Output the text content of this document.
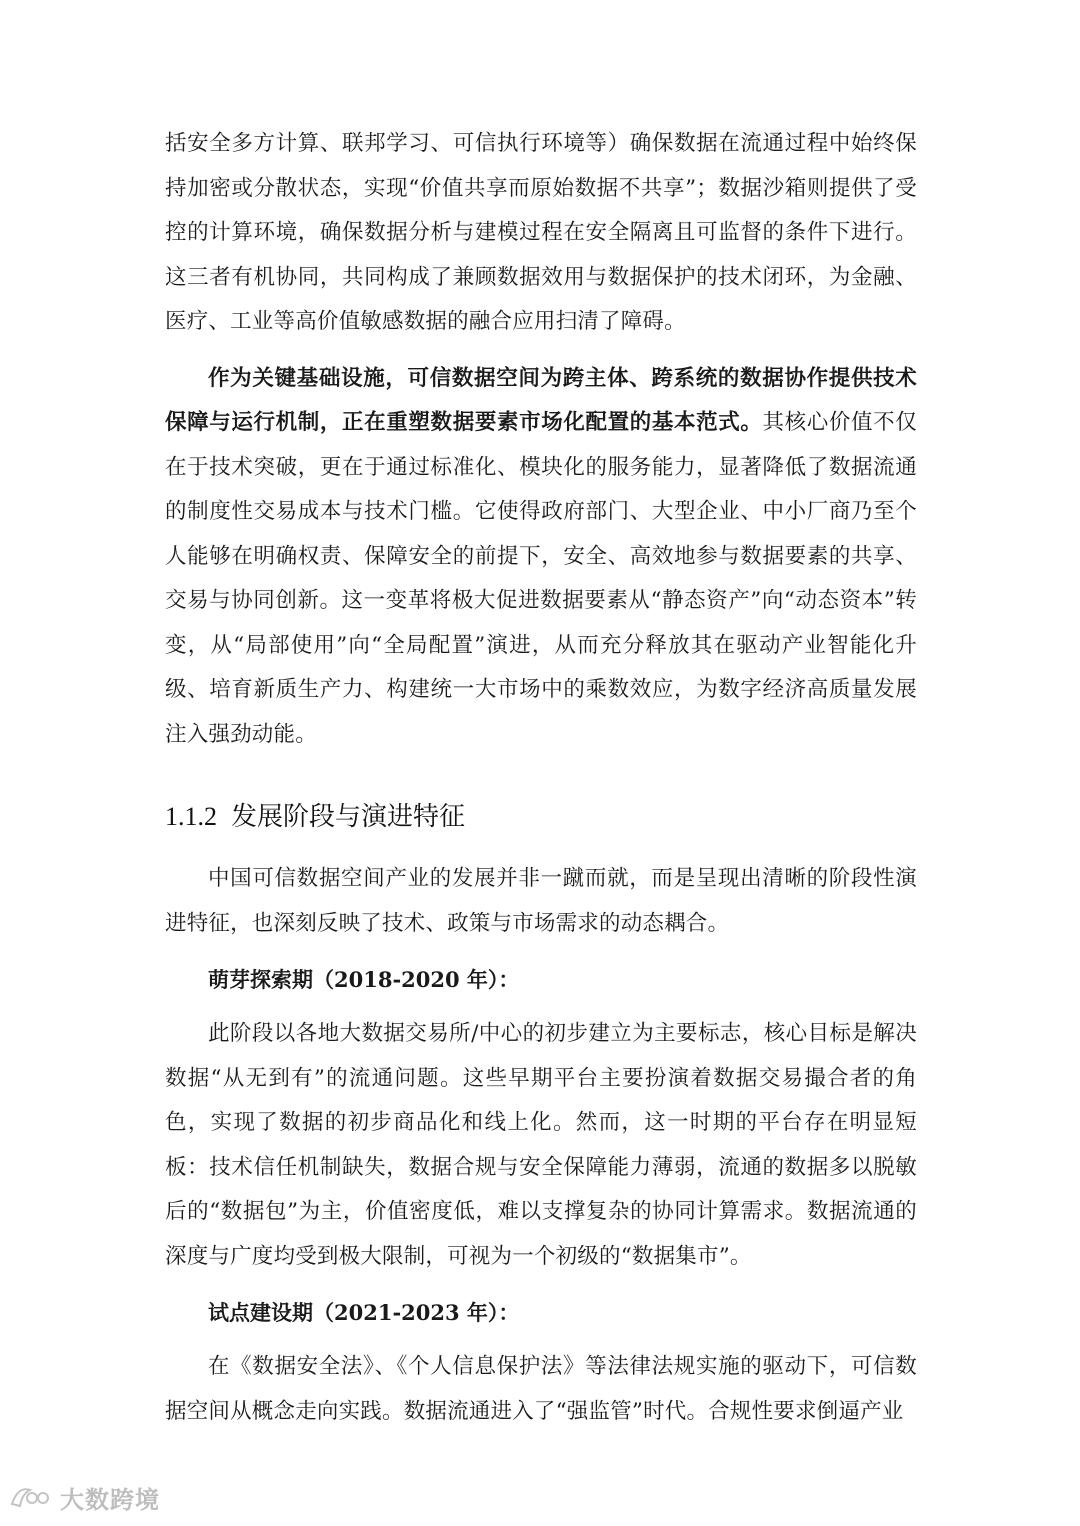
括安全多方计算、联邦学习、可信执行环境等）确保数据在流通过程中始终保持加密或分散状态，实现“价值共享而原始数据不共享”；数据沙箱则提供了受控的计算环境，确保数据分析与建模过程在安全隔离且可监督的条件下进行。这三者有机协同，共同构成了兼顾数据效用与数据保护的技术闭环，为金融、医疗、工业等高价值敏感数据的融合应用扫清了障碍。

作为关键基础设施，可信数据空间为跨主体、跨系统的数据协作提供技术保障与运行机制，正在重塑数据要素市场化配置的基本范式。其核心价值不仅在于技术突破，更在于通过标准化、模块化的服务能力，显著降低了数据流通的制度性交易成本与技术门槛。它使得政府部门、大型企业、中小厂商乃至个人能够在明确权责、保障安全的前提下，安全、高效地参与数据要素的共享、交易与协同创新。这一变革将极大促进数据要素从“静态资产”向“动态资本”转变，从“局部使用”向“全局配置”演进，从而充分释放其在驱动产业智能化升级、培育新质生产力、构建统一大市场中的乘数效应，为数字经济高质量发展注入强劲动能。

1.1.2 发展阶段与演进特征

中国可信数据空间产业的发展并非一蹴而就，而是呈现出清晰的阶段性演进特征，也深刻反映了技术、政策与市场需求的动态耦合。

萌芽探索期（2018-2020 年）：

此阶段以各地大数据交易所/中心的初步建立为主要标志，核心目标是解决数据“从无到有”的流通问题。这些早期平台主要扮演着数据交易撮合者的角色，实现了数据的初步商品化和线上化。然而，这一时期的平台存在明显短板：技术信任机制缺失，数据合规与安全保障能力薄弱，流通的数据多以脱敏后的“数据包”为主，价值密度低，难以支撑复杂的协同计算需求。数据流通的深度与广度均受到极大限制，可视为一个初级的“数据集市”。

试点建设期（2021-2023 年）：

在《数据安全法》、《个人信息保护法》等法律法规实施的驱动下，可信数据空间从概念走向实践。数据流通进入了“强监管”时代。合规性要求倒逼产业

大数跨境
